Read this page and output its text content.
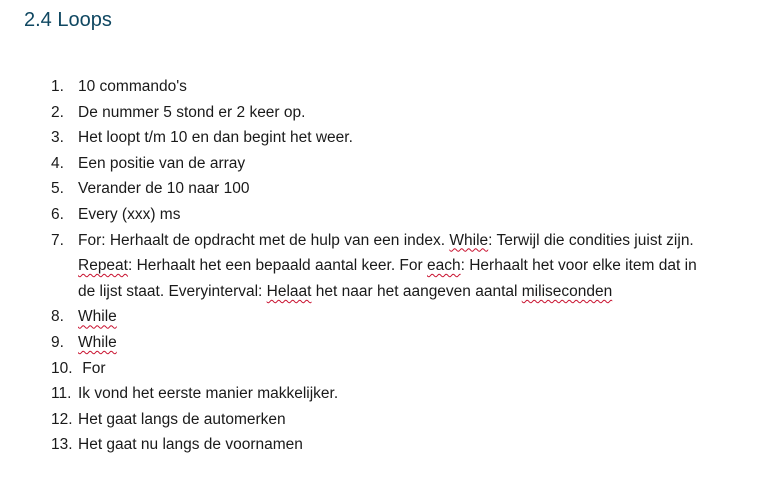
2.4 Loops
1. 10 commando's
2. De nummer 5 stond er 2 keer op.
3. Het loopt t/m 10 en dan begint het weer.
4. Een positie van de array
5. Verander de 10 naar 100
6. Every (xxx) ms
7. For: Herhaalt de opdracht met de hulp van een index. While: Terwijl die condities juist zijn. Repeat: Herhaalt het een bepaald aantal keer. For each: Herhaalt het voor elke item dat in de lijst staat. Everyinterval: Helaat het naar het aangeven aantal miliseconden
8. While
9. While
10. For
11. Ik vond het eerste manier makkelijker.
12. Het gaat langs de automerken
13. Het gaat nu langs de voornamen
